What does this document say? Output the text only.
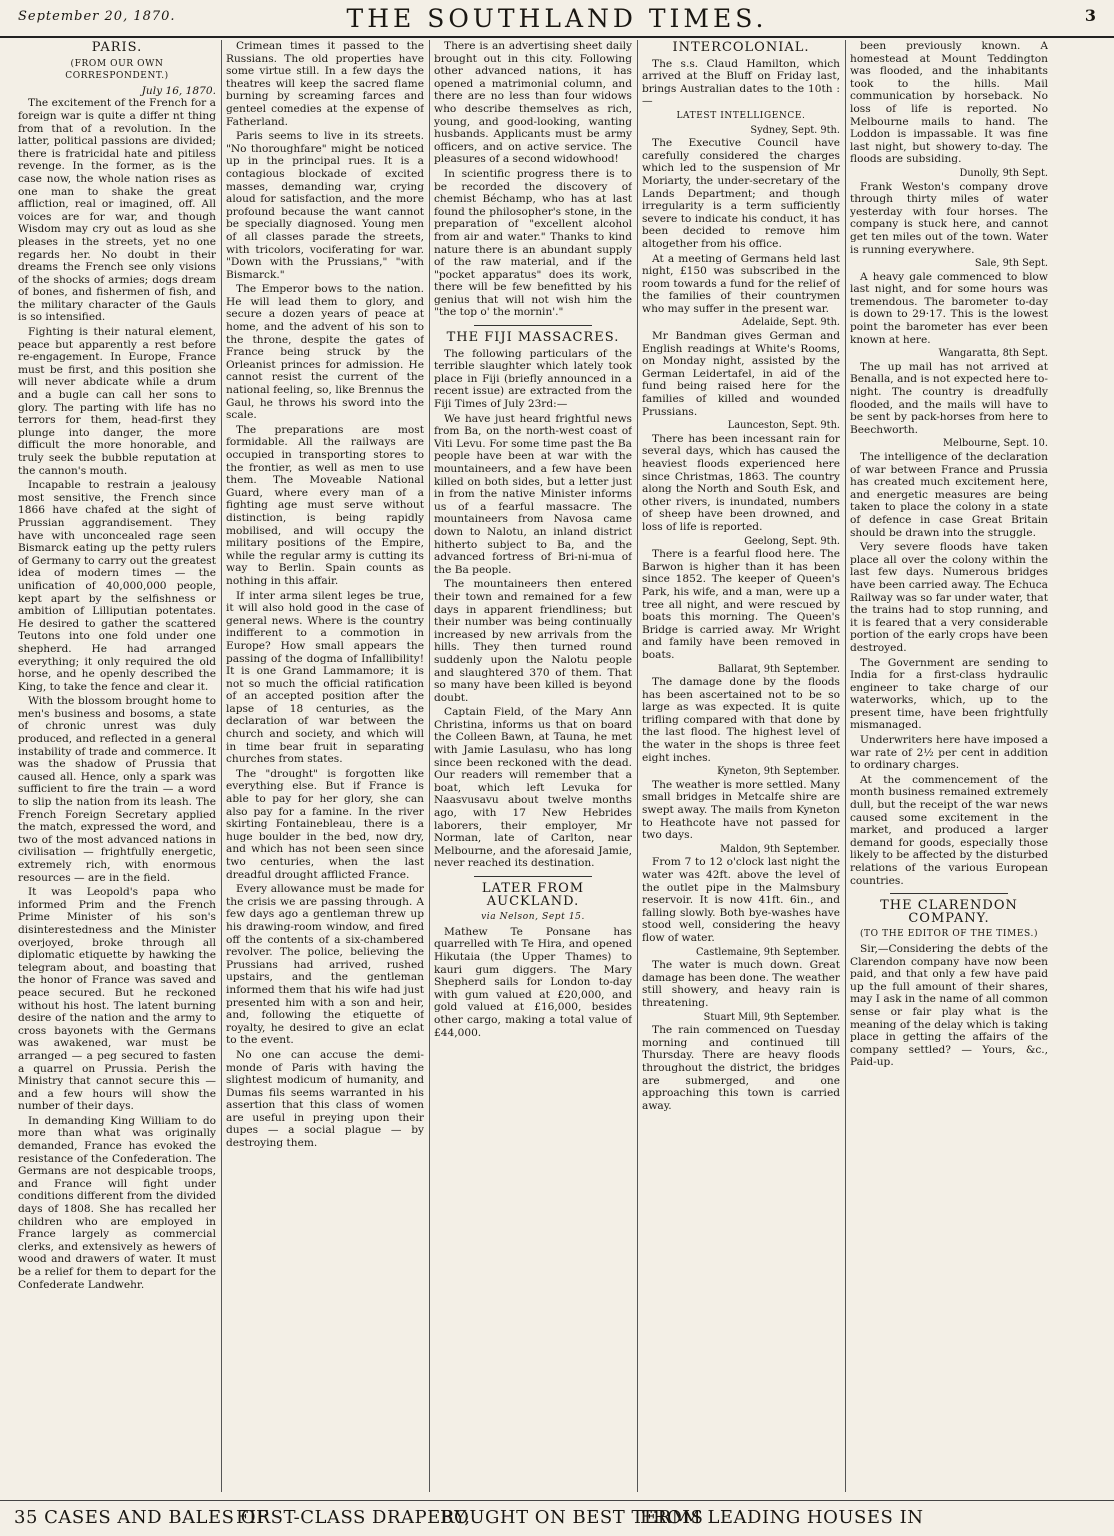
September 20, 1870.	THE SOUTHLAND TIMES.	3
PARIS.
(FROM OUR OWN CORRESPONDENT.)
July 16, 1870.

The excitement of the French for a foreign war is quite a differ nt thing from that of a revolution. In the latter, political passions are divided; there is fratricidal hate and pitiless revenge. In the former, as is the case now, the whole nation rises as one man to shake the great affliction, real or imagined, off. All voices are for war, and though Wisdom may cry out as loud as she pleases in the streets, yet no one regards her. No doubt in their dreams the French see only visions of the shocks of armies; dogs dream of bones, and fishermen of fish, and the military character of the Gauls is so intensified.

Fighting is their natural element, peace but apparently a rest before re-engagement. In Europe, France must be first, and this position she will never abdicate while a drum and a bugle can call her sons to glory. The parting with life has no terrors for them, head-first they plunge into danger, the more difficult the more honorable, and truly seek the bubble reputation at the cannon's mouth.

Incapable to restrain a jealousy most sensitive, the French since 1866 have chafed at the sight of Prussian aggrandisement. They have with unconcealed rage seen Bismarck eating up the petty rulers of Germany to carry out the greatest idea of modern times — the unification of 40,000,000 people, kept apart by the selfishness or ambition of Lilliputian potentates. He desired to gather the scattered Teutons into one fold under one shepherd. He had arranged everything; it only required the old horse, and he openly described the King, to take the fence and clear it.

With the blossom brought home to men's business and bosoms, a state of chronic unrest was duly produced, and reflected in a general instability of trade and commerce. It was the shadow of Prussia that caused all. Hence, only a spark was sufficient to fire the train — a word to slip the nation from its leash. The French Foreign Secretary applied the match, expressed the word, and two of the most advanced nations in civilisation — frightfully energetic, extremely rich, with enormous resources — are in the field.

It was Leopold's papa who informed Prim and the French Prime Minister of his son's disinterestedness and the Minister overjoyed, broke through all diplomatic etiquette by hawking the telegram about, and boasting that the honor of France was saved and peace secured. But he reckoned without his host. The latent burning desire of the nation and the army to cross bayonets with the Germans was awakened, war must be arranged — a peg secured to fasten a quarrel on Prussia. Perish the Ministry that cannot secure this — and a few hours will show the number of their days.

In demanding King William to do more than what was originally demanded, France has evoked the resistance of the Confederation. The Germans are not despicable troops, and France will fight under conditions different from the divided days of 1808. She has recalled her children who are employed in France largely as commercial clerks, and extensively as hewers of wood and drawers of water. It must be a relief for them to depart for the Confederate Landwehr.

Crimean times it passed to the Russians. The old properties have some virtue still. In a few days the theatres will keep the sacred flame burning by screaming farces and genteel comedies at the expense of Fatherland.

Paris seems to live in its streets. "No thoroughfare" might be noticed up in the principal rues. It is a contagious blockade of excited masses, demanding war, crying aloud for satisfaction, and the more profound because the want cannot be specially diagnosed. Young men of all classes parade the streets, with tricolors, vociferating for war. "Down with the Prussians," "with Bismarck."

The Emperor bows to the nation. He will lead them to glory, and secure a dozen years of peace at home, and the advent of his son to the throne, despite the gates of France being struck by the Orleanist princes for admission. He cannot resist the current of the national feeling, so, like Brennus the Gaul, he throws his sword into the scale.

The preparations are most formidable. All the railways are occupied in transporting stores to the frontier, as well as men to use them. The Moveable National Guard, where every man of a fighting age must serve without distinction, is being rapidly mobilised, and will occupy the military positions of the Empire, while the regular army is cutting its way to Berlin. Spain counts as nothing in this affair.

If inter arma silent leges be true, it will also hold good in the case of general news. Where is the country indifferent to a commotion in Europe? How small appears the passing of the dogma of Infallibility! It is one Grand Lammamore; it is not so much the official ratification of an accepted position after the lapse of 18 centuries, as the declaration of war between the church and society, and which will in time bear fruit in separating churches from states.

The "drought" is forgotten like everything else. But if France is able to pay for her glory, she can also pay for a famine. In the river skirting Fontainebleau, there is a huge boulder in the bed, now dry, and which has not been seen since two centuries, when the last dreadful drought afflicted France.

Every allowance must be made for the crisis we are passing through. A few days ago a gentleman threw up his drawing-room window, and fired off the contents of a six-chambered revolver. The police, believing the Prussians had arrived, rushed upstairs, and the gentleman informed them that his wife had just presented him with a son and heir, and, following the etiquette of royalty, he desired to give an eclat to the event.

No one can accuse the demi-monde of Paris with having the slightest modicum of humanity, and Dumas fils seems warranted in his assertion that this class of women are useful in preying upon their dupes — a social plague — by destroying them.

There is an advertising sheet daily brought out in this city. Following other advanced nations, it has opened a matrimonial column, and there are no less than four widows who describe themselves as rich, young, and good-looking, wanting husbands. Applicants must be army officers, and on active service. The pleasures of a second widowhood!

In scientific progress there is to be recorded the discovery of chemist Béchamp, who has at last found the philosopher's stone, in the preparation of "excellent alcohol from air and water." Thanks to kind nature there is an abundant supply of the raw material, and if the "pocket apparatus" does its work, there will be few benefitted by his genius that will not wish him the "the top o' the mornin'."

THE FIJI MASSACRES.

The following particulars of the terrible slaughter which lately took place in Fiji (briefly announced in a recent issue) are extracted from the Fiji Times of July 23rd:—

We have just heard frightful news from Ba, on the north-west coast of Viti Levu. For some time past the Ba people have been at war with the mountaineers, and a few have been killed on both sides, but a letter just in from the native Minister informs us of a fearful massacre. The mountaineers from Navosa came down to Nalotu, an inland district hitherto subject to Ba, and the advanced fortress of Bri-ni-mua of the Ba people.

The mountaineers then entered their town and remained for a few days in apparent friendliness; but their number was being continually increased by new arrivals from the hills. They then turned round suddenly upon the Nalotu people and slaughtered 370 of them. That so many have been killed is beyond doubt.

Captain Field, of the Mary Ann Christina, informs us that on board the Colleen Bawn, at Tauna, he met with Jamie Lasulasu, who has long since been reckoned with the dead. Our readers will remember that a boat, which left Levuka for Naasvusavu about twelve months ago, with 17 New Hebrides laborers, their employer, Mr Norman, late of Carlton, near Melbourne, and the aforesaid Jamie, never reached its destination.

LATER FROM AUCKLAND.
via Nelson, Sept 15.

Mathew Te Ponsane has quarrelled with Te Hira, and opened Hikutaia (the Upper Thames) to kauri gum diggers. The Mary Shepherd sails for London to-day with gum valued at £20,000, and gold valued at £16,000, besides other cargo, making a total value of £44,000.

INTERCOLONIAL.

The s.s. Claud Hamilton, which arrived at the Bluff on Friday last, brings Australian dates to the 10th :—

LATEST INTELLIGENCE.
Sydney, Sept. 9th.

The Executive Council have carefully considered the charges which led to the suspension of Mr Moriarty, the under-secretary of the Lands Department; and though irregularity is a term sufficiently severe to indicate his conduct, it has been decided to remove him altogether from his office.

At a meeting of Germans held last night, £150 was subscribed in the room towards a fund for the relief of the families of their countrymen who may suffer in the present war.

Adelaide, Sept. 9th.

Mr Bandman gives German and English readings at White's Rooms, on Monday night, assisted by the German Leidertafel, in aid of the fund being raised here for the families of killed and wounded Prussians.

Launceston, Sept. 9th.

There has been incessant rain for several days, which has caused the heaviest floods experienced here since Christmas, 1863. The country along the North and South Esk, and other rivers, is inundated, numbers of sheep have been drowned, and loss of life is reported.

Geelong, Sept. 9th.

There is a fearful flood here. The Barwon is higher than it has been since 1852. The keeper of Queen's Park, his wife, and a man, were up a tree all night, and were rescued by boats this morning. The Queen's Bridge is carried away. Mr Wright and family have been removed in boats.

Ballarat, 9th September.

The damage done by the floods has been ascertained not to be so large as was expected. It is quite trifling compared with that done by the last flood. The highest level of the water in the shops is three feet eight inches.

Kyneton, 9th September.

The weather is more settled. Many small bridges in Metcalfe shire are swept away. The mails from Kyneton to Heathcote have not passed for two days.

Maldon, 9th September.

From 7 to 12 o'clock last night the water was 42ft. above the level of the outlet pipe in the Malmsbury reservoir. It is now 41ft. 6in., and falling slowly. Both bye-washes have stood well, considering the heavy flow of water.

Castlemaine, 9th September.

The water is much down. Great damage has been done. The weather still showery, and heavy rain is threatening.

Stuart Mill, 9th September.

The rain commenced on Tuesday morning and continued till Thursday. There are heavy floods throughout the district, the bridges are submerged, and one approaching this town is carried away.

been previously known. A homestead at Mount Teddington was flooded, and the inhabitants took to the hills. Mail communication by horseback. No loss of life is reported. No Melbourne mails to hand. The Loddon is impassable. It was fine last night, but showery to-day. The floods are subsiding.

Dunolly, 9th Sept.

Frank Weston's company drove through thirty miles of water yesterday with four horses. The company is stuck here, and cannot get ten miles out of the town. Water is running everywhere.

Sale, 9th Sept.

A heavy gale commenced to blow last night, and for some hours was tremendous. The barometer to-day is down to 29·17. This is the lowest point the barometer has ever been known at here.

Wangaratta, 8th Sept.

The up mail has not arrived at Benalla, and is not expected here to-night. The country is dreadfully flooded, and the mails will have to be sent by pack-horses from here to Beechworth.

Melbourne, Sept. 10.

The intelligence of the declaration of war between France and Prussia has created much excitement here, and energetic measures are being taken to place the colony in a state of defence in case Great Britain should be drawn into the struggle.

Very severe floods have taken place all over the colony within the last few days. Numerous bridges have been carried away. The Echuca Railway was so far under water, that the trains had to stop running, and it is feared that a very considerable portion of the early crops have been destroyed.

The Government are sending to India for a first-class hydraulic engineer to take charge of our waterworks, which, up to the present time, have been frightfully mismanaged.

Underwriters here have imposed a war rate of 2½ per cent in addition to ordinary charges.

At the commencement of the month business remained extremely dull, but the receipt of the war news caused some excitement in the market, and produced a larger demand for goods, especially those likely to be affected by the disturbed relations of the various European countries.

THE CLARENDON COMPANY.
(TO THE EDITOR OF THE TIMES.)

Sir,—Considering the debts of the Clarendon company have now been paid, and that only a few have paid up the full amount of their shares, may I ask in the name of all common sense or fair play what is the meaning of the delay which is taking place in getting the affairs of the company settled? — Yours, &c., Paid-up.

35 CASES AND BALES OF
FIRST-CLASS DRAPERY,
BOUGHT ON BEST TERMS
FROM LEADING HOUSES IN
